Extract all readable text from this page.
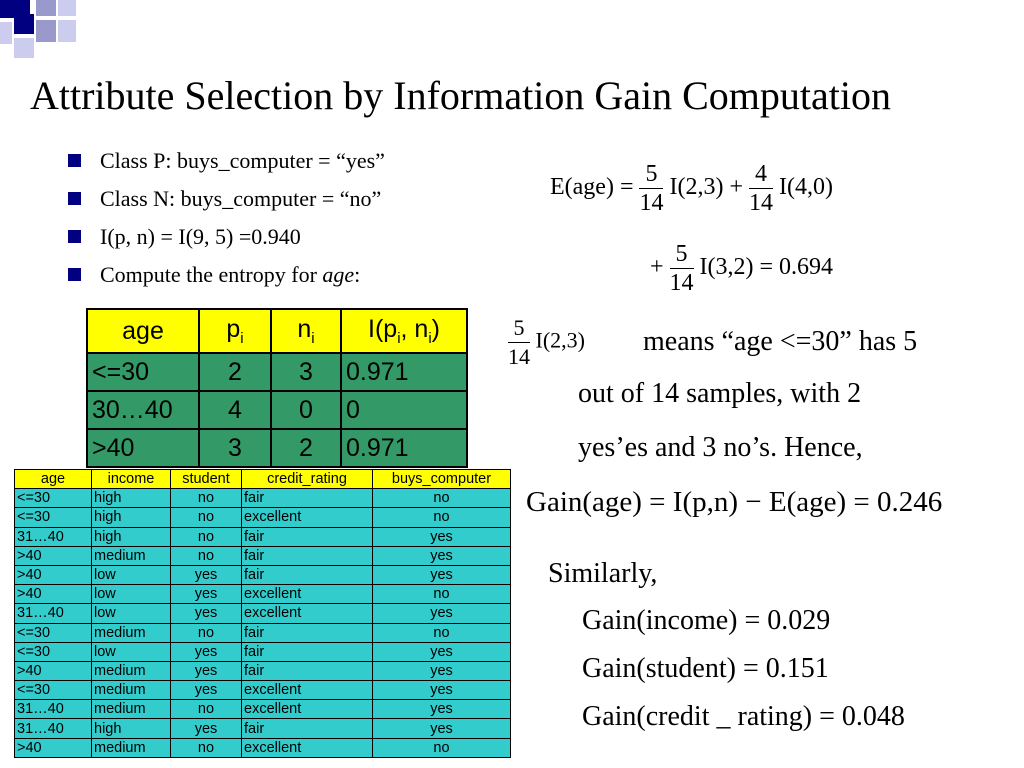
Attribute Selection by Information Gain Computation
Class P: buys_computer = “yes”
Class N: buys_computer = “no”
I(p, n) = I(9, 5) =0.940
Compute the entropy for age:
$E(age) = \frac{5}{14} I(2,3) + \frac{4}{14} I(4,0)$
+ $\frac{5}{14} I(3,2) = 0.694$
$\frac{5}{14} I(2,3)$ means “age <=30” has 5
out of 14 samples, with 2
yes’es and 3 no’s. Hence,
Gain(age) = I(p,n) − E(age) = 0.246
Similarly,
Gain(income) = 0.029
Gain(student) = 0.151
Gain(credit _ rating) = 0.048
age	$p_i$	$n_i$	$I(p_i$, $n_i$)
<=30	2	3	0.971
30…40	4	0	0
>40	3	2	0.971
age	income	student	credit_rating	buys_computer
<=30	high	no	fair	no
<=30	high	no	excellent	no
31…40	high	no	fair	yes
>40	medium	no	fair	yes
>40	low	yes	fair	yes
>40	low	yes	excellent	no
31…40	low	yes	excellent	yes
<=30	medium	no	fair	no
<=30	low	yes	fair	yes
>40	medium	yes	fair	yes
<=30	medium	yes	excellent	yes
31…40	medium	no	excellent	yes
31…40	high	yes	fair	yes
>40	medium	no	excellent	no
